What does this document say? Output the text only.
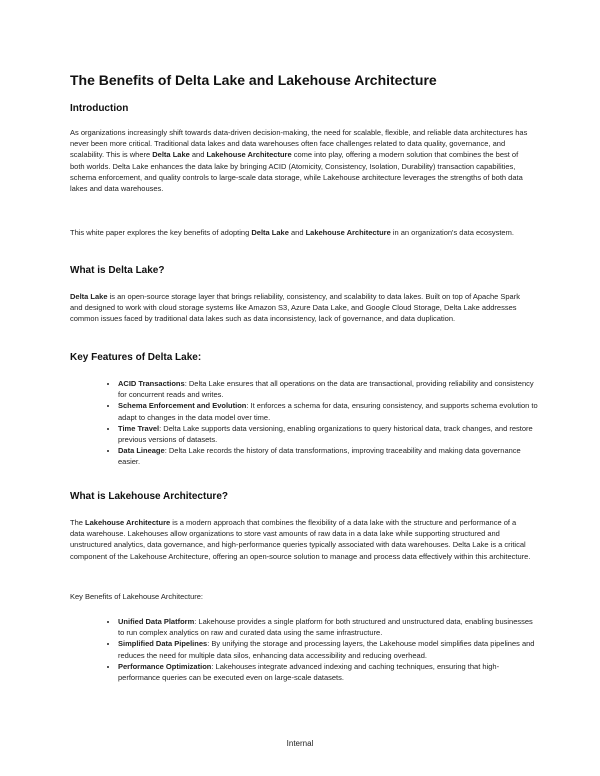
The Benefits of Delta Lake and Lakehouse Architecture
Introduction

As organizations increasingly shift towards data-driven decision-making, the need for scalable, flexible, and reliable data architectures has never been more critical. Traditional data lakes and data warehouses often face challenges related to data quality, governance, and scalability. This is where Delta Lake and Lakehouse Architecture come into play, offering a modern solution that combines the best of both worlds. Delta Lake enhances the data lake by bringing ACID (Atomicity, Consistency, Isolation, Durability) transaction capabilities, schema enforcement, and quality controls to large-scale data storage, while Lakehouse architecture leverages the strengths of both data lakes and data warehouses.

This white paper explores the key benefits of adopting Delta Lake and Lakehouse Architecture in an organization's data ecosystem.

What is Delta Lake?

Delta Lake is an open-source storage layer that brings reliability, consistency, and scalability to data lakes. Built on top of Apache Spark and designed to work with cloud storage systems like Amazon S3, Azure Data Lake, and Google Cloud Storage, Delta Lake addresses common issues faced by traditional data lakes such as data inconsistency, lack of governance, and data duplication.

Key Features of Delta Lake:
• ACID Transactions: Delta Lake ensures that all operations on the data are transactional, providing reliability and consistency for concurrent reads and writes.
• Schema Enforcement and Evolution: It enforces a schema for data, ensuring consistency, and supports schema evolution to adapt to changes in the data model over time.
• Time Travel: Delta Lake supports data versioning, enabling organizations to query historical data, track changes, and restore previous versions of datasets.
• Data Lineage: Delta Lake records the history of data transformations, improving traceability and making data governance easier.
What is Lakehouse Architecture?

The Lakehouse Architecture is a modern approach that combines the flexibility of a data lake with the structure and performance of a data warehouse. Lakehouses allow organizations to store vast amounts of raw data in a data lake while supporting structured and unstructured analytics, data governance, and high-performance queries typically associated with data warehouses. Delta Lake is a critical component of the Lakehouse Architecture, offering an open-source solution to manage and process data effectively within this architecture.

Key Benefits of Lakehouse Architecture:

• Unified Data Platform: Lakehouse provides a single platform for both structured and unstructured data, enabling businesses to run complex analytics on raw and curated data using the same infrastructure.
• Simplified Data Pipelines: By unifying the storage and processing layers, the Lakehouse model simplifies data pipelines and reduces the need for multiple data silos, enhancing data accessibility and reducing overhead.
• Performance Optimization: Lakehouses integrate advanced indexing and caching techniques, ensuring that high-performance queries can be executed even on large-scale datasets.
Internal
